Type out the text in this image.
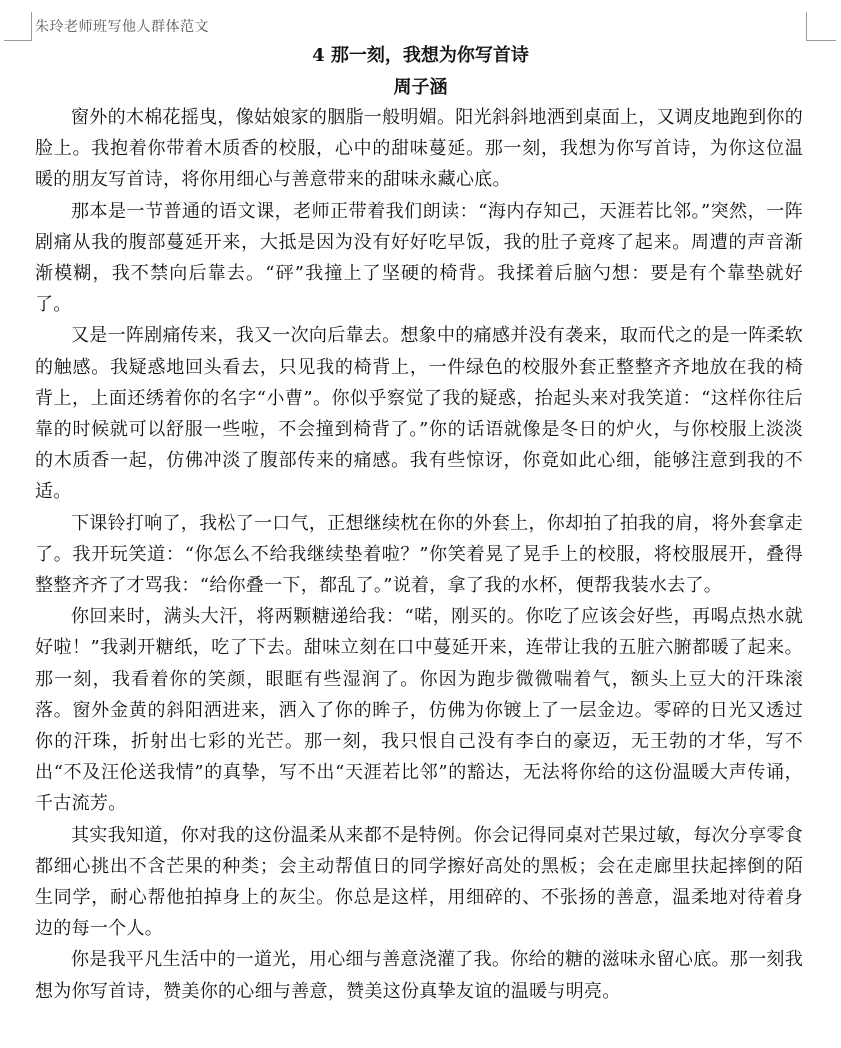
朱玲老师班写他人群体范文
4 那一刻，我想为你写首诗
周子涵

窗外的木棉花摇曳，像姑娘家的胭脂一般明媚。阳光斜斜地洒到桌面上，又调皮地跑到你的脸上。我抱着你带着木质香的校服，心中的甜味蔓延。那一刻，我想为你写首诗，为你这位温暖的朋友写首诗，将你用细心与善意带来的甜味永藏心底。

那本是一节普通的语文课，老师正带着我们朗读：“海内存知己，天涯若比邻。”突然，一阵剧痛从我的腹部蔓延开来，大抵是因为没有好好吃早饭，我的肚子竟疼了起来。周遭的声音渐渐模糊，我不禁向后靠去。“砰”我撞上了坚硬的椅背。我揉着后脑勺想：要是有个靠垫就好了。

又是一阵剧痛传来，我又一次向后靠去。想象中的痛感并没有袭来，取而代之的是一阵柔软的触感。我疑惑地回头看去，只见我的椅背上，一件绿色的校服外套正整整齐齐地放在我的椅背上，上面还绣着你的名字“小曹”。你似乎察觉了我的疑惑，抬起头来对我笑道：“这样你往后靠的时候就可以舒服一些啦，不会撞到椅背了。”你的话语就像是冬日的炉火，与你校服上淡淡的木质香一起，仿佛冲淡了腹部传来的痛感。我有些惊讶，你竟如此心细，能够注意到我的不适。

下课铃打响了，我松了一口气，正想继续枕在你的外套上，你却拍了拍我的肩，将外套拿走了。我开玩笑道：“你怎么不给我继续垫着啦？”你笑着晃了晃手上的校服，将校服展开，叠得整整齐齐了才骂我：“给你叠一下，都乱了。”说着，拿了我的水杯，便帮我装水去了。

你回来时，满头大汗，将两颗糖递给我：“喏，刚买的。你吃了应该会好些，再喝点热水就好啦！”我剥开糖纸，吃了下去。甜味立刻在口中蔓延开来，连带让我的五脏六腑都暖了起来。那一刻，我看着你的笑颜，眼眶有些湿润了。你因为跑步微微喘着气，额头上豆大的汗珠滚落。窗外金黄的斜阳洒进来，洒入了你的眸子，仿佛为你镀上了一层金边。零碎的日光又透过你的汗珠，折射出七彩的光芒。那一刻，我只恨自己没有李白的豪迈，无王勃的才华，写不出“不及汪伦送我情”的真挚，写不出“天涯若比邻”的豁达，无法将你给的这份温暖大声传诵，千古流芳。

其实我知道，你对我的这份温柔从来都不是特例。你会记得同桌对芒果过敏，每次分享零食都细心挑出不含芒果的种类；会主动帮值日的同学擦好高处的黑板；会在走廊里扶起摔倒的陌生同学，耐心帮他拍掉身上的灰尘。你总是这样，用细碎的、不张扬的善意，温柔地对待着身边的每一个人。

你是我平凡生活中的一道光，用心细与善意浇灌了我。你给的糖的滋味永留心底。那一刻我想为你写首诗，赞美你的心细与善意，赞美这份真挚友谊的温暖与明亮。
